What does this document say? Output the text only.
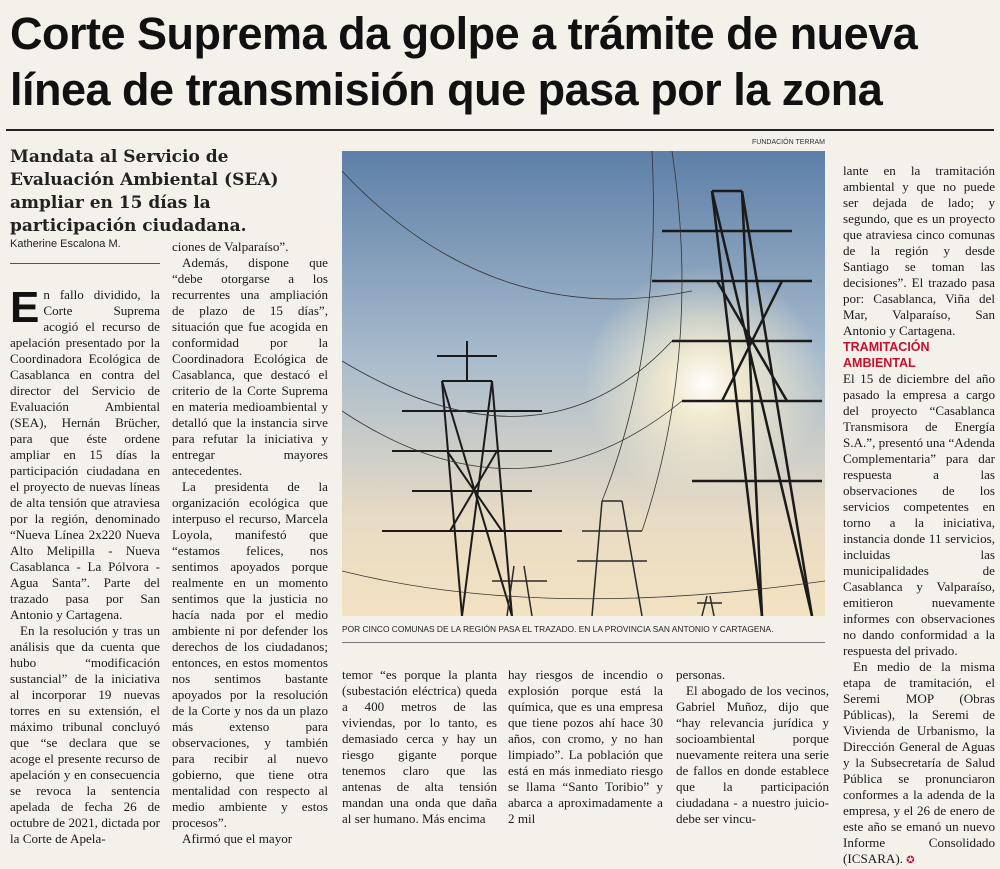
Corte Suprema da golpe a trámite de nueva
línea de transmisión que pasa por la zona
Mandata al Servicio de Evaluación Ambiental (SEA) ampliar en 15 días la participación ciudadana.
Katherine Escalona M.

En fallo dividido, la Corte Suprema acogió el recurso de apelación presentado por la Coordinadora Ecológica de Casablanca en contra del director del Servicio de Evaluación Ambiental (SEA), Hernán Brücher, para que éste ordene ampliar en 15 días la participación ciudadana en el proyecto de nuevas líneas de alta tensión que atraviesa por la región, denominado “Nueva Línea 2x220 Nueva Alto Melipilla - Nueva Casablanca - La Pólvora - Agua Santa”. Parte del trazado pasa por San Antonio y Cartagena.

En la resolución y tras un análisis que da cuenta que hubo “modificación sustancial” de la iniciativa al incorporar 19 nuevas torres en su extensión, el máximo tribunal concluyó que “se declara que se acoge el presente recurso de apelación y en consecuencia se revoca la sentencia apelada de fecha 26 de octubre de 2021, dictada por la Corte de Apela-

ciones de Valparaíso”.

Además, dispone que “debe otorgarse a los recurrentes una ampliación de plazo de 15 días”, situación que fue acogida en conformidad por la Coordinadora Ecológica de Casablanca, que destacó el criterio de la Corte Suprema en materia medioambiental y detalló que la instancia sirve para refutar la iniciativa y entregar mayores antecedentes.

La presidenta de la organización ecológica que interpuso el recurso, Marcela Loyola, manifestó que “estamos felices, nos sentimos apoyados porque realmente en un momento sentimos que la justicia no hacía nada por el medio ambiente ni por defender los derechos de los ciudadanos; entonces, en estos momentos nos sentimos bastante apoyados por la resolución de la Corte y nos da un plazo más extenso para observaciones, y también para recibir al nuevo gobierno, que tiene otra mentalidad con respecto al medio ambiente y estos procesos”.

Afirmó que el mayor

FUNDACIÓN TERRAM
POR CINCO COMUNAS DE LA REGIÓN PASA EL TRAZADO. EN LA PROVINCIA SAN ANTONIO Y CARTAGENA.

lante en la tramitación ambiental y que no puede ser dejada de lado; y segundo, que es un proyecto que atraviesa cinco comunas de la región y desde Santiago se toman las decisiones”. El trazado pasa por: Casablanca, Viña del Mar, Valparaíso, San Antonio y Cartagena.

TRAMITACIÓN AMBIENTAL

El 15 de diciembre del año pasado la empresa a cargo del proyecto “Casablanca Transmisora de Energía S.A.”, presentó una “Adenda Complementaria” para dar respuesta a las observaciones de los servicios competentes en torno a la iniciativa, instancia donde 11 servicios, incluidas las municipalidades de Casablanca y Valparaíso, emitieron nuevamente informes con observaciones no dando conformidad a la respuesta del privado.

En medio de la misma etapa de tramitación, el Seremi MOP (Obras Públicas), la Seremi de Vivienda de Urbanismo, la Dirección General de Aguas y la Subsecretaría de Salud Pública se pronunciaron conformes a la adenda de la empresa, y el 26 de enero de este año se emanó un nuevo Informe Consolidado (ICSARA). ✪

temor “es porque la planta (subestación eléctrica) queda a 400 metros de las viviendas, por lo tanto, es demasiado cerca y hay un riesgo gigante porque tenemos claro que las antenas de alta tensión mandan una onda que daña al ser humano. Más encima

hay riesgos de incendio o explosión porque está la química, que es una empresa que tiene pozos ahí hace 30 años, con cromo, y no han limpiado”. La población que está en más inmediato riesgo se llama “Santo Toribio” y abarca a aproximadamente a 2 mil

personas.

El abogado de los vecinos, Gabriel Muñoz, dijo que “hay relevancia jurídica y socioambiental porque nuevamente reitera una serie de fallos en donde establece que la participación ciudadana - a nuestro juicio- debe ser vincu-
